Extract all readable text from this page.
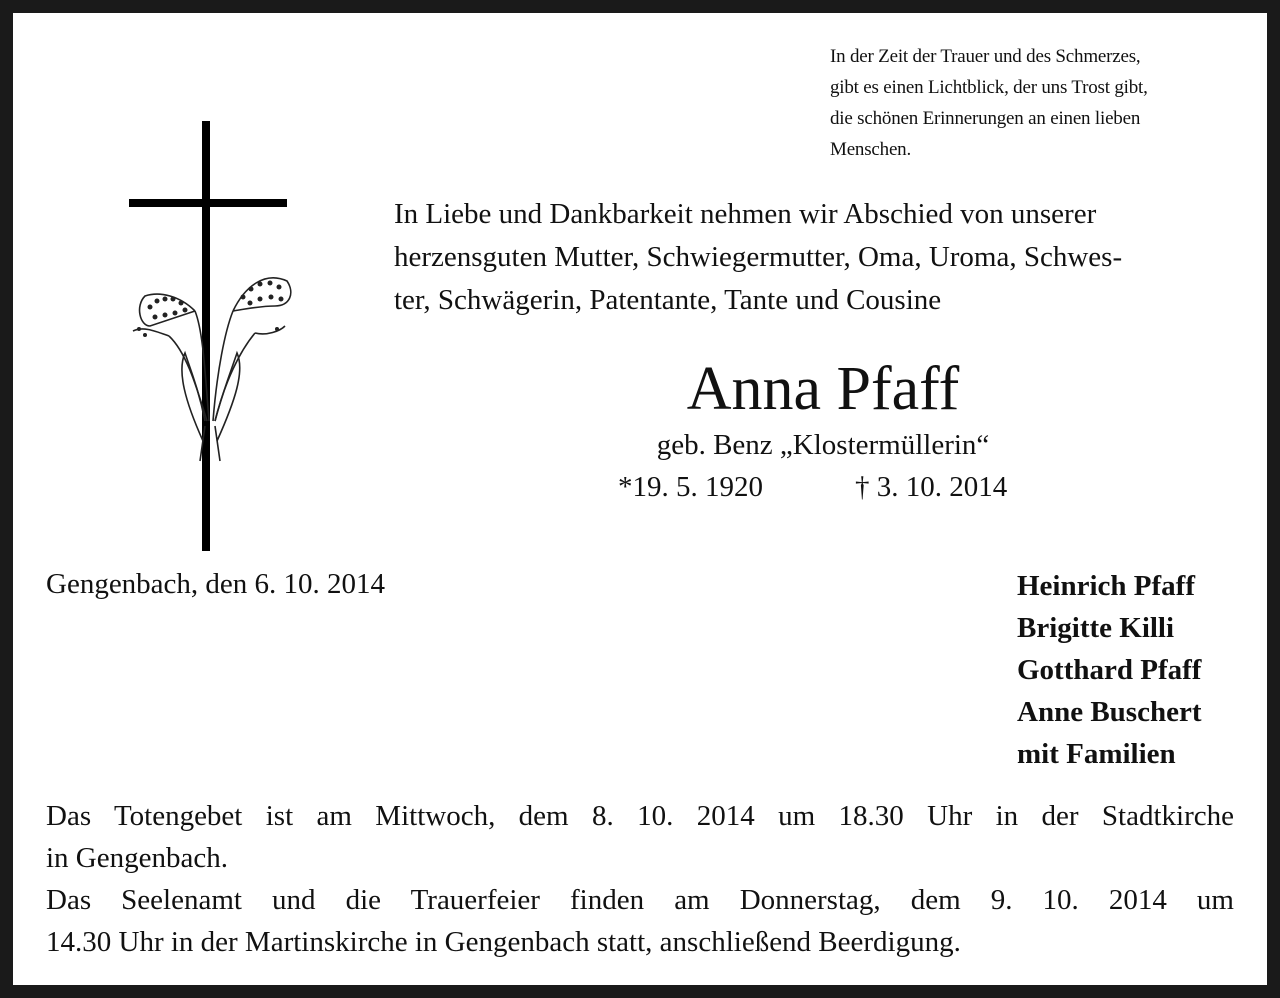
In der Zeit der Trauer und des Schmerzes,
gibt es einen Lichtblick, der uns Trost gibt,
die schönen Erinnerungen an einen lieben
Menschen.
In Liebe und Dankbarkeit nehmen wir Abschied von unserer
herzensguten Mutter, Schwiegermutter, Oma, Uroma, Schwes-
ter, Schwägerin, Patentante, Tante und Cousine
Anna Pfaff
geb. Benz „Klostermüllerin“
*19. 5. 1920	† 3. 10. 2014
Gengenbach, den 6. 10. 2014	Heinrich Pfaff
Brigitte Killi
Gotthard Pfaff
Anne Buschert
mit Familien
Das Totengebet ist am Mittwoch, dem 8. 10. 2014 um 18.30 Uhr in der Stadtkirche
in Gengenbach.
Das Seelenamt und die Trauerfeier finden am Donnerstag, dem 9. 10. 2014 um
14.30 Uhr in der Martinskirche in Gengenbach statt, anschließend Beerdigung.
